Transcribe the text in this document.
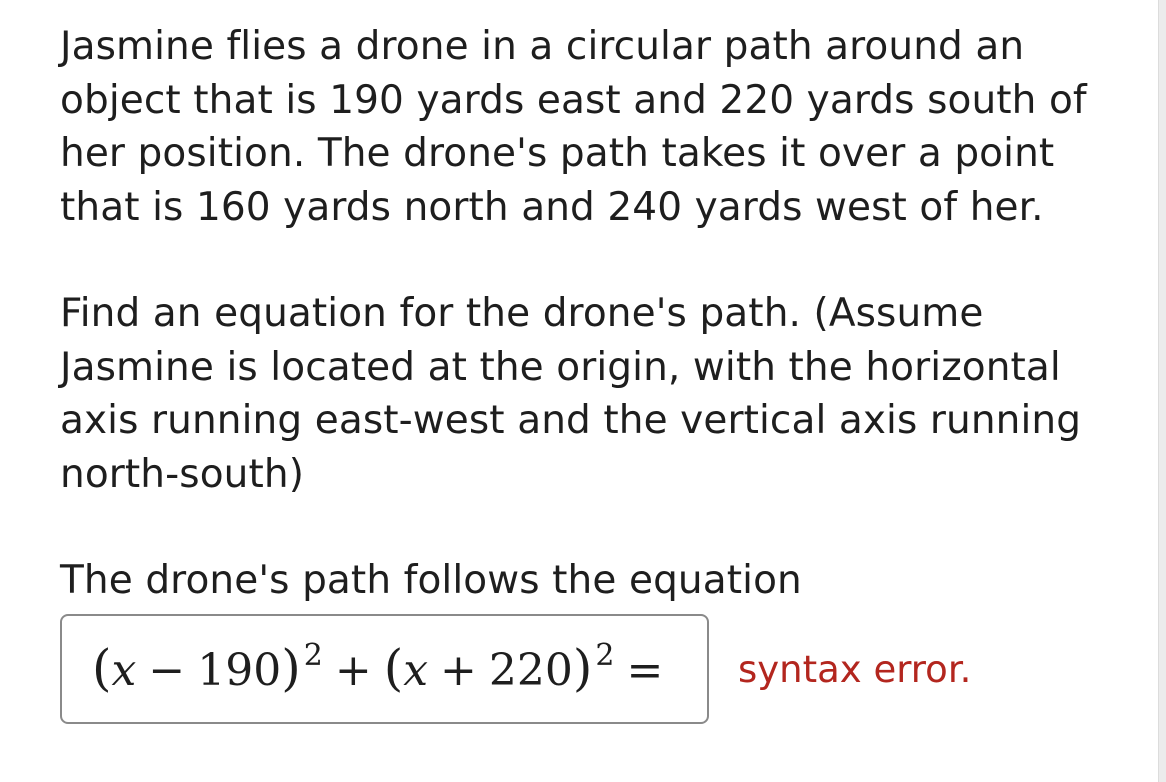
Jasmine flies a drone in a circular path around an object that is 190 yards east and 220 yards south of her position. The drone's path takes it over a point that is 160 yards north and 240 yards west of her.

Find an equation for the drone's path. (Assume Jasmine is located at the origin, with the horizontal axis running east-west and the vertical axis running north-south)

The drone's path follows the equation

(x − 190) $^2$ + (x + 220) $^2$ =	syntax error.
